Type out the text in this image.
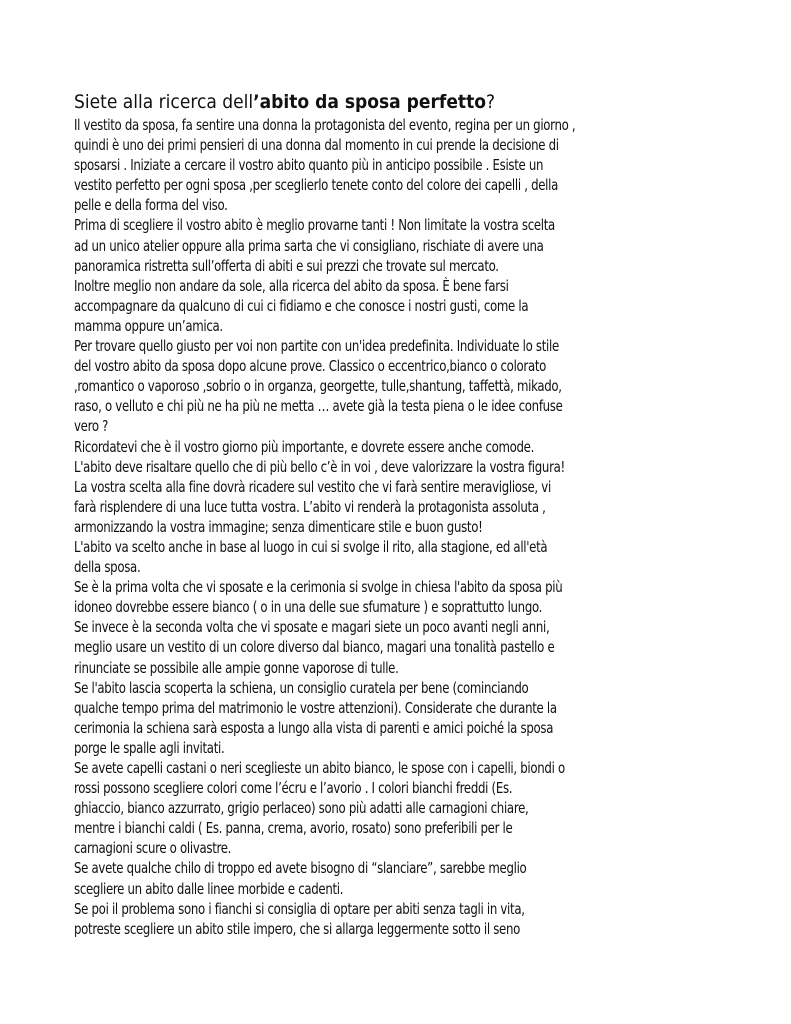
Siete alla ricerca dell’abito da sposa perfetto?
Il vestito da sposa, fa sentire una donna la protagonista del evento, regina per un giorno ,
quindi è uno dei primi pensieri di una donna dal momento in cui prende la decisione di
sposarsi . Iniziate a cercare il vostro abito quanto più in anticipo possibile . Esiste un
vestito perfetto per ogni sposa ,per sceglierlo tenete conto del colore dei capelli , della
pelle e della forma del viso.
Prima di scegliere il vostro abito è meglio provarne tanti ! Non limitate la vostra scelta
ad un unico atelier oppure alla prima sarta che vi consigliano, rischiate di avere una
panoramica ristretta sull’offerta di abiti e sui prezzi che trovate sul mercato.
Inoltre meglio non andare da sole, alla ricerca del abito da sposa. È bene farsi
accompagnare da qualcuno di cui ci fidiamo e che conosce i nostri gusti, come la
mamma oppure un’amica.
Per trovare quello giusto per voi non partite con un'idea predefinita. Individuate lo stile
del vostro abito da sposa dopo alcune prove. Classico o eccentrico,bianco o colorato
,romantico o vaporoso ,sobrio o in organza, georgette, tulle,shantung, taffettà, mikado,
raso, o velluto e chi più ne ha più ne metta … avete già la testa piena o le idee confuse
vero ?
Ricordatevi che è il vostro giorno più importante, e dovrete essere anche comode.
L'abito deve risaltare quello che di più bello c’è in voi , deve valorizzare la vostra figura!
La vostra scelta alla fine dovrà ricadere sul vestito che vi farà sentire meravigliose, vi
farà risplendere di una luce tutta vostra. L’abito vi renderà la protagonista assoluta ,
armonizzando la vostra immagine; senza dimenticare stile e buon gusto!
L'abito va scelto anche in base al luogo in cui si svolge il rito, alla stagione, ed all'età
della sposa.
Se è la prima volta che vi sposate e la cerimonia si svolge in chiesa l'abito da sposa più
idoneo dovrebbe essere bianco ( o in una delle sue sfumature ) e soprattutto lungo.
Se invece è la seconda volta che vi sposate e magari siete un poco avanti negli anni,
meglio usare un vestito di un colore diverso dal bianco, magari una tonalità pastello e
rinunciate se possibile alle ampie gonne vaporose di tulle.
Se l'abito lascia scoperta la schiena, un consiglio curatela per bene (cominciando
qualche tempo prima del matrimonio le vostre attenzioni). Considerate che durante la
cerimonia la schiena sarà esposta a lungo alla vista di parenti e amici poiché la sposa
porge le spalle agli invitati.
Se avete capelli castani o neri sceglieste un abito bianco, le spose con i capelli, biondi o
rossi possono scegliere colori come l’écru e l’avorio . I colori bianchi freddi (Es.
ghiaccio, bianco azzurrato, grigio perlaceo) sono più adatti alle carnagioni chiare,
mentre i bianchi caldi ( Es. panna, crema, avorio, rosato) sono preferibili per le
carnagioni scure o olivastre.
Se avete qualche chilo di troppo ed avete bisogno di “slanciare”, sarebbe meglio
scegliere un abito dalle linee morbide e cadenti.
Se poi il problema sono i fianchi si consiglia di optare per abiti senza tagli in vita,
potreste scegliere un abito stile impero, che si allarga leggermente sotto il seno
